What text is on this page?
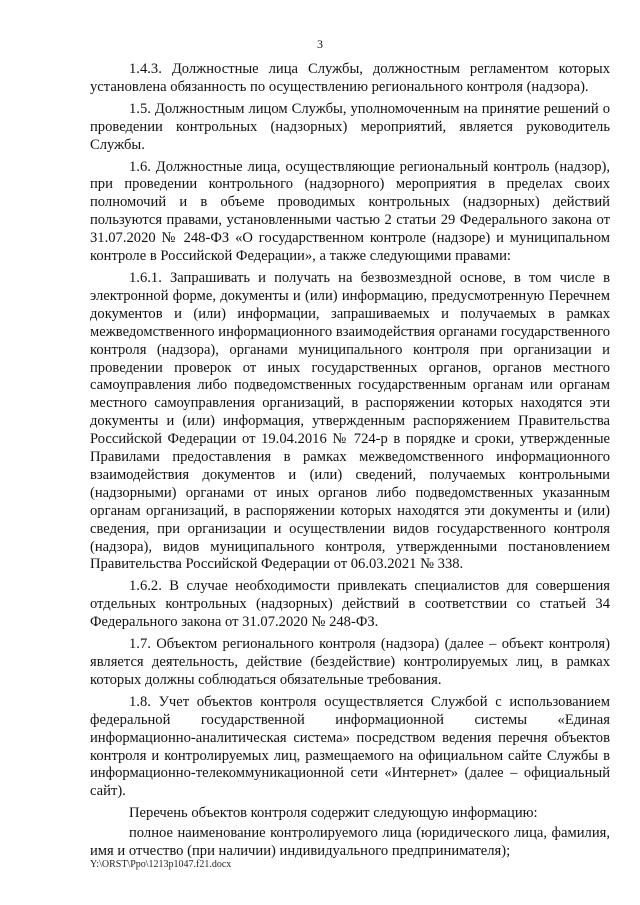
3

1.4.3. Должностные лица Службы, должностным регламентом которых установлена обязанность по осуществлению регионального контроля (надзора).

1.5. Должностным лицом Службы, уполномоченным на принятие решений о проведении контрольных (надзорных) мероприятий, является руководитель Службы.

1.6. Должностные лица, осуществляющие региональный контроль (надзор), при проведении контрольного (надзорного) мероприятия в пределах своих полномочий и в объеме проводимых контрольных (надзорных) действий пользуются правами, установленными частью 2 статьи 29 Федерального закона от 31.07.2020 № 248-ФЗ «О государственном контроле (надзоре) и муниципальном контроле в Российской Федерации», а также следующими правами:

1.6.1. Запрашивать и получать на безвозмездной основе, в том числе в электронной форме, документы и (или) информацию, предусмотренную Перечнем документов и (или) информации, запрашиваемых и получаемых в рамках межведомственного информационного взаимодействия органами государственного контроля (надзора), органами муниципального контроля при организации и проведении проверок от иных государственных органов, органов местного самоуправления либо подведомственных государственным органам или органам местного самоуправления организаций, в распоряжении которых находятся эти документы и (или) информация, утвержденным распоряжением Правительства Российской Федерации от 19.04.2016 № 724-р в порядке и сроки, утвержденные Правилами предоставления в рамках межведомственного информационного взаимодействия документов и (или) сведений, получаемых контрольными (надзорными) органами от иных органов либо подведомственных указанным органам организаций, в распоряжении которых находятся эти документы и (или) сведения, при организации и осуществлении видов государственного контроля (надзора), видов муниципального контроля, утвержденными постановлением Правительства Российской Федерации от 06.03.2021 № 338.

1.6.2. В случае необходимости привлекать специалистов для совершения отдельных контрольных (надзорных) действий в соответствии со статьей 34 Федерального закона от 31.07.2020 № 248-ФЗ.

1.7. Объектом регионального контроля (надзора) (далее – объект контроля) является деятельность, действие (бездействие) контролируемых лиц, в рамках которых должны соблюдаться обязательные требования.

1.8. Учет объектов контроля осуществляется Службой с использованием федеральной государственной информационной системы «Единая информационно-аналитическая система» посредством ведения перечня объектов контроля и контролируемых лиц, размещаемого на официальном сайте Службы в информационно-телекоммуникационной сети «Интернет» (далее – официальный сайт).

Перечень объектов контроля содержит следующую информацию:

полное наименование контролируемого лица (юридического лица, фамилия, имя и отчество (при наличии) индивидуального предпринимателя);

Y:\ORST\Ppo\1213p1047.f21.docx
